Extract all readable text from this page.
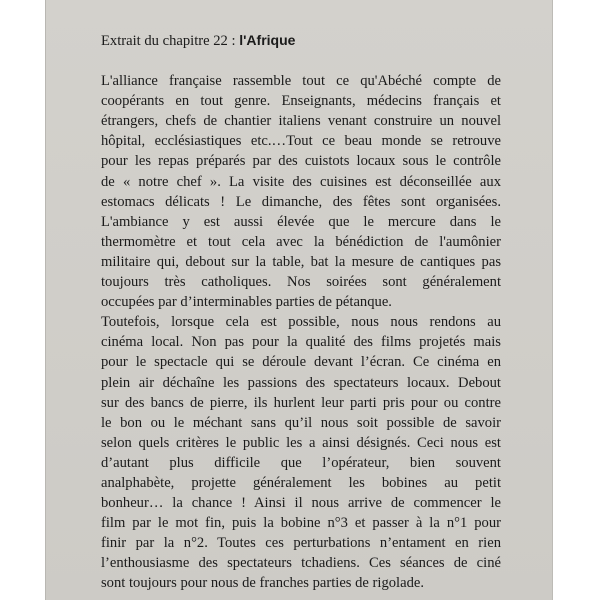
Extrait du chapitre 22 : l'Afrique
L'alliance française rassemble tout ce qu'Abéché compte de
coopérants en tout genre. Enseignants, médecins français et
étrangers, chefs de chantier italiens venant construire un nouvel
hôpital, ecclésiastiques etc.…Tout ce beau monde se retrouve
pour les repas préparés par des cuistots locaux sous le contrôle
de « notre chef ». La visite des cuisines est déconseillée aux
estomacs délicats ! Le dimanche, des fêtes sont organisées.
L'ambiance y est aussi élevée que le mercure dans le
thermomètre et tout cela avec la bénédiction de l'aumônier
militaire qui, debout sur la table, bat la mesure de cantiques pas
toujours très catholiques. Nos soirées sont généralement
occupées par d’interminables parties de pétanque.
Toutefois, lorsque cela est possible, nous nous rendons au
cinéma local. Non pas pour la qualité des films projetés mais
pour le spectacle qui se déroule devant l’écran. Ce cinéma en
plein air déchaîne les passions des spectateurs locaux. Debout
sur des bancs de pierre, ils hurlent leur parti pris pour ou contre
le bon ou le méchant sans qu’il nous soit possible de savoir
selon quels critères le public les a ainsi désignés. Ceci nous est
d’autant plus difficile que l’opérateur, bien souvent
analphabète, projette généralement les bobines au petit
bonheur… la chance ! Ainsi il nous arrive de commencer le
film par le mot fin, puis la bobine n°3 et passer à la n°1 pour
finir par la n°2. Toutes ces perturbations n’entament en rien
l’enthousiasme des spectateurs tchadiens. Ces séances de ciné
sont toujours pour nous de franches parties de rigolade.
